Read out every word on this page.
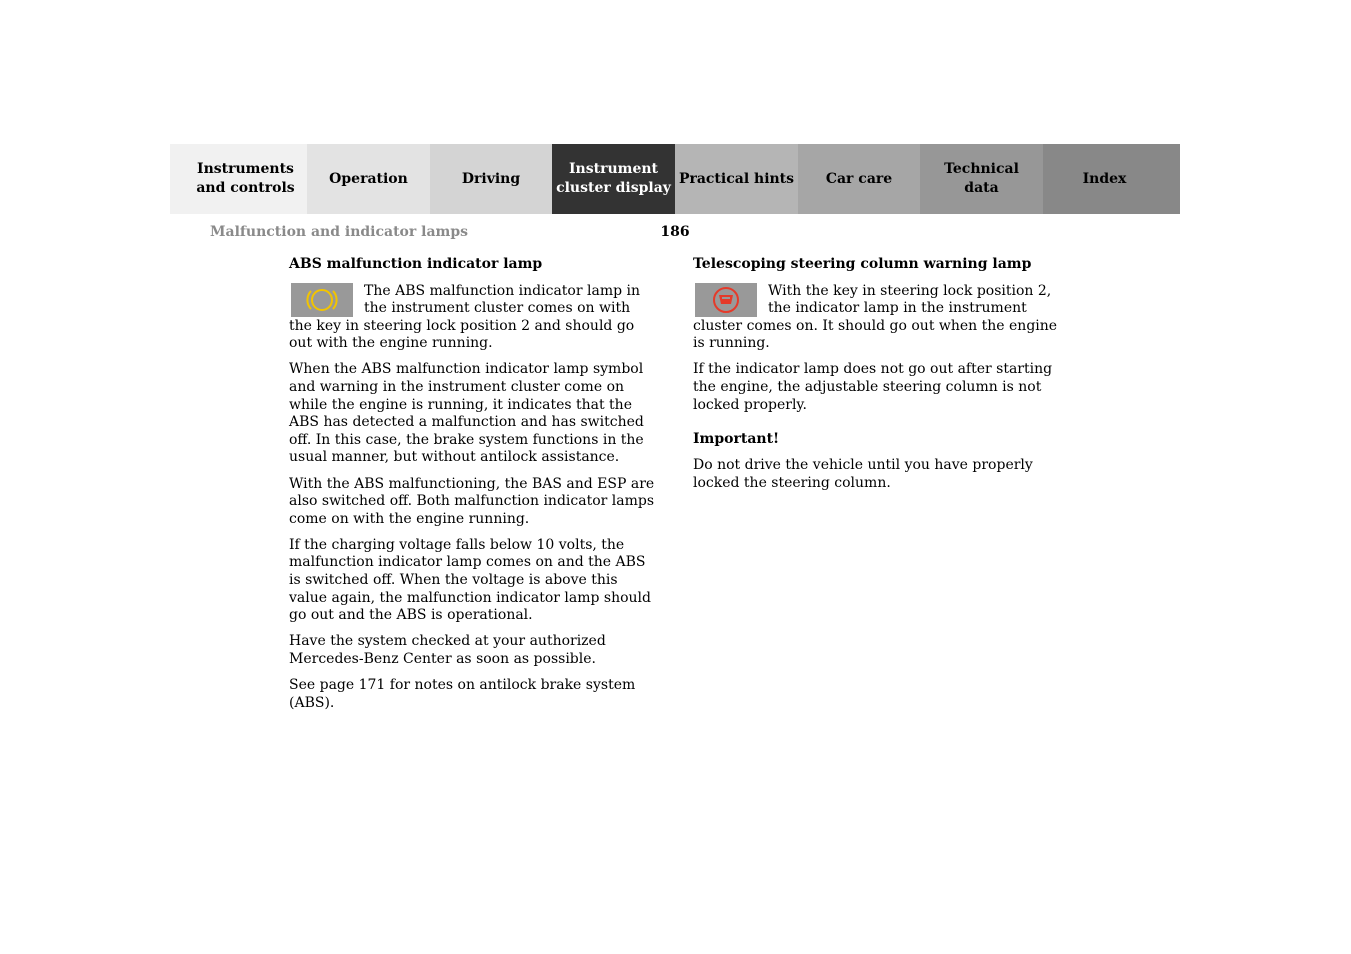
Instruments
and controls
Operation	Driving
Instrument
cluster display
Practical hints	Car care
Technical
data
Index
Malfunction and indicator lamps	186
ABS malfunction indicator lamp

The ABS malfunction indicator lamp in the instrument cluster comes on with the key in steering lock position 2 and should go out with the engine running.

When the ABS malfunction indicator lamp symbol and warning in the instrument cluster come on while the engine is running, it indicates that the ABS has detected a malfunction and has switched off. In this case, the brake system functions in the usual manner, but without antilock assistance.

With the ABS malfunctioning, the BAS and ESP are also switched off. Both malfunction indicator lamps come on with the engine running.

If the charging voltage falls below 10 volts, the malfunction indicator lamp comes on and the ABS is switched off. When the voltage is above this value again, the malfunction indicator lamp should go out and the ABS is operational.

Have the system checked at your authorized Mercedes-Benz Center as soon as possible.

See page 171 for notes on antilock brake system (ABS).

Telescoping steering column warning lamp

With the key in steering lock position 2, the indicator lamp in the instrument cluster comes on. It should go out when the engine is running.

If the indicator lamp does not go out after starting the engine, the adjustable steering column is not locked properly.

Important!

Do not drive the vehicle until you have properly locked the steering column.
